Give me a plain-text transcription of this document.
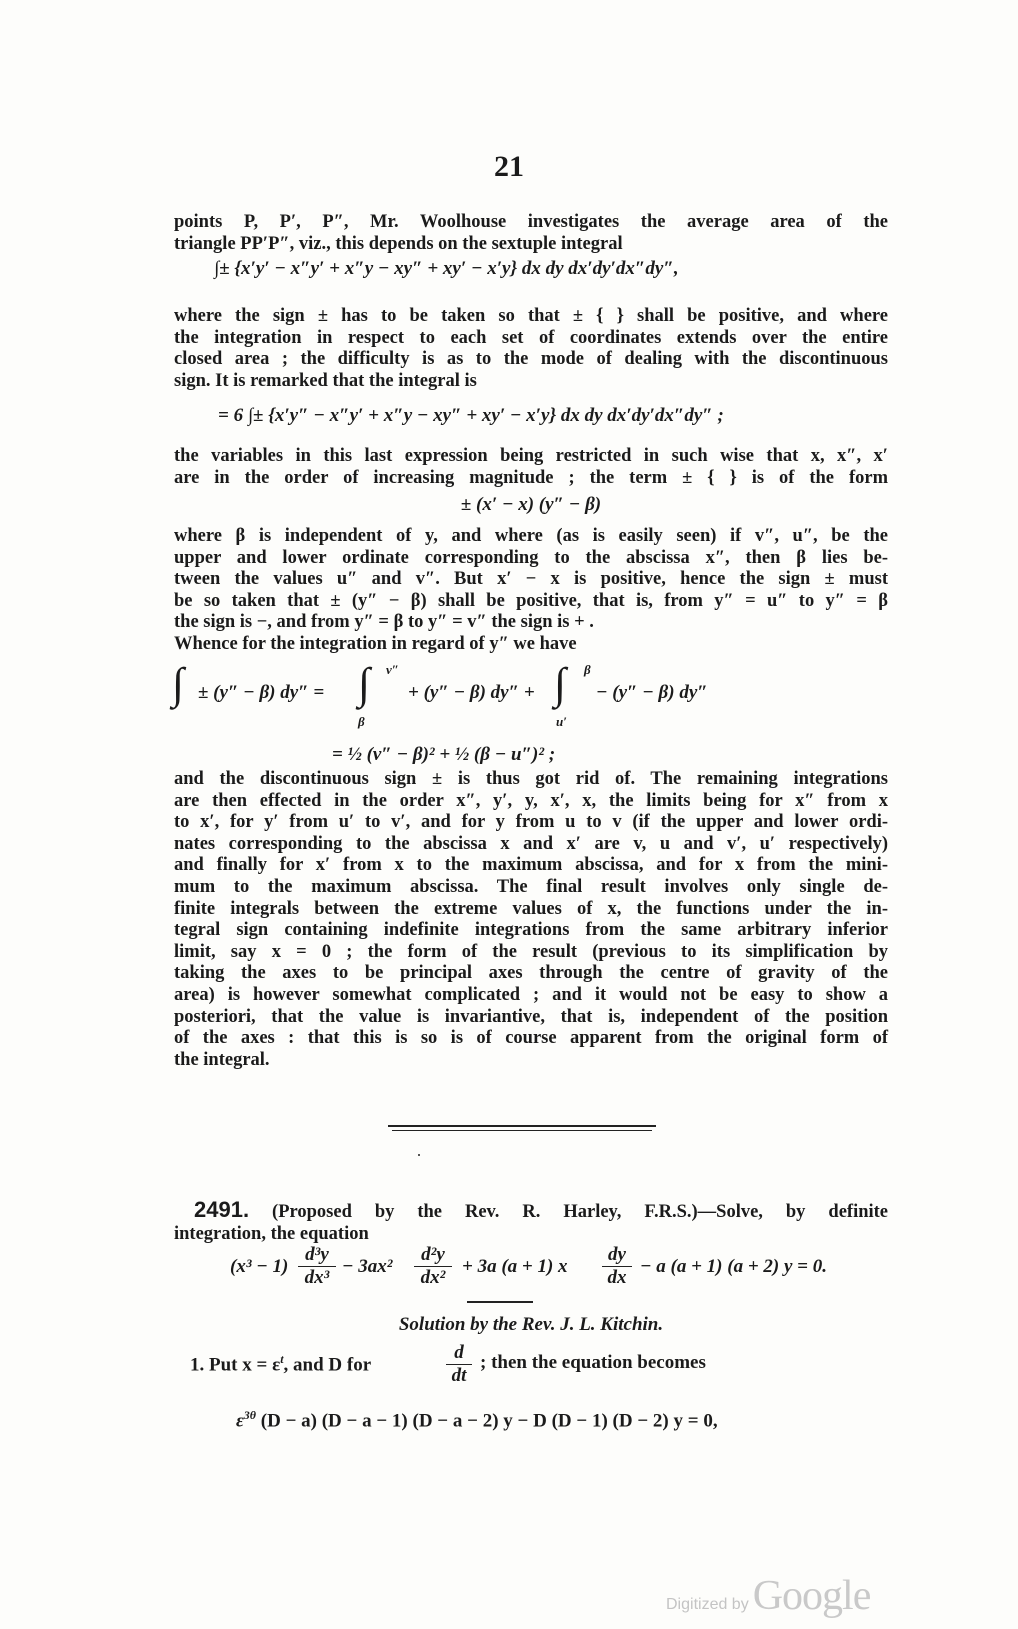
21
points P, P′, P″, Mr. Woolhouse investigates the average area of the
triangle PP′P″, viz., this depends on the sextuple integral
∫± {x′y′ − x″y′ + x″y − xy″ + xy′ − x′y} dx dy dx′dy′dx″dy″,
where the sign ± has to be taken so that ± { } shall be positive, and where
the integration in respect to each set of coordinates extends over the entire
closed area ; the difficulty is as to the mode of dealing with the discontinuous
sign. It is remarked that the integral is
= 6 ∫± {x′y″ − x″y′ + x″y − xy″ + xy′ − x′y} dx dy dx′dy′dx″dy″ ;
the variables in this last expression being restricted in such wise that x, x″, x′
are in the order of increasing magnitude ; the term ± { } is of the form
± (x′ − x) (y″ − β)
where β is independent of y, and where (as is easily seen) if v″, u″, be the
upper and lower ordinate corresponding to the abscissa x″, then β lies be-
tween the values u″ and v″. But x′ − x is positive, hence the sign ± must
be so taken that ± (y″ − β) shall be positive, that is, from y″ = u″ to y″ = β
the sign is −, and from y″ = β to y″ = v″ the sign is + .
Whence for the integration in regard of y″ we have
∫ ± (y″ − β) dy″ = ∫ v″
β
+ (y″ − β) dy″ + ∫ β
u′
− (y″ − β) dy″
= ½ (v″ − β)² + ½ (β − u″)² ;
and the discontinuous sign ± is thus got rid of. The remaining integrations
are then effected in the order x″, y′, y, x′, x, the limits being for x″ from x
to x′, for y′ from u′ to v′, and for y from u to v (if the upper and lower ordi-
nates corresponding to the abscissa x and x′ are v, u and v′, u′ respectively)
and finally for x′ from x to the maximum abscissa, and for x from the mini-
mum to the maximum abscissa. The final result involves only single de-
finite integrals between the extreme values of x, the functions under the in-
tegral sign containing indefinite integrations from the same arbitrary inferior
limit, say x = 0 ; the form of the result (previous to its simplification by
taking the axes to be principal axes through the centre of gravity of the
area) is however somewhat complicated ; and it would not be easy to show a
posteriori, that the value is invariantive, that is, independent of the position
of the axes : that this is so is of course apparent from the original form of
the integral.
2491. (Proposed by the Rev. R. Harley, F.R.S.)—Solve, by definite
integration, the equation
$(x^3 - 1) \frac{\text{d³y}}{\text{dx³}} - 3ax^2 \frac{\text{d²y}}{\text{dx²}} + 3a$ (a + 1) x $\frac{dy}{dx} - a$ (a + 1) (a + 2) y = 0.
Solution by the Rev. J. L. Kitchin.
1. Put $x = \varepsilon^t$, and D for	$\frac{d}{dt}$ ; then the equation becomes
$\varepsilon^{3\theta}$ (D − a) (D − a − 1) (D − a − 2) y − D (D − 1) (D − 2) y = 0,
Digitized by Google
